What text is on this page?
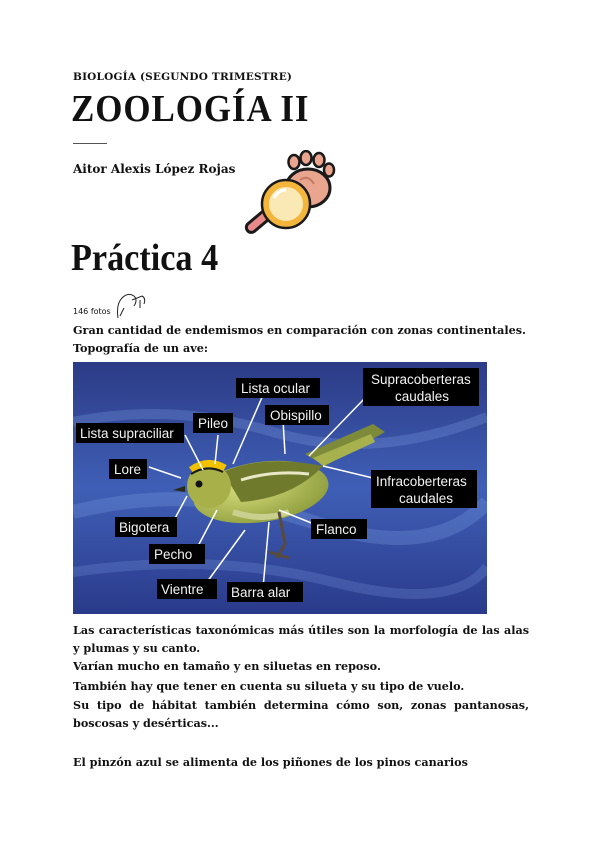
BIOLOGÍA (SEGUNDO TRIMESTRE)
ZOOLOGÍA II
Aitor Alexis López Rojas
Práctica 4
146 fotos
Gran cantidad de endemismos en comparación con zonas continentales.
Topografía de un ave:
Lista ocular
Supracoberteras
caudales
Pileo
Obispillo
Lista supraciliar
Lore
Infracoberteras
caudales
Bigotera	Flanco
Pecho
Vientre Barra alar
Las características taxonómicas más útiles son la morfología de las alas y plumas y su canto.
Varían mucho en tamaño y en siluetas en reposo.
También hay que tener en cuenta su silueta y su tipo de vuelo.
Su tipo de hábitat también determina cómo son, zonas pantanosas, boscosas y desérticas...
El pinzón azul se alimenta de los piñones de los pinos canarios
